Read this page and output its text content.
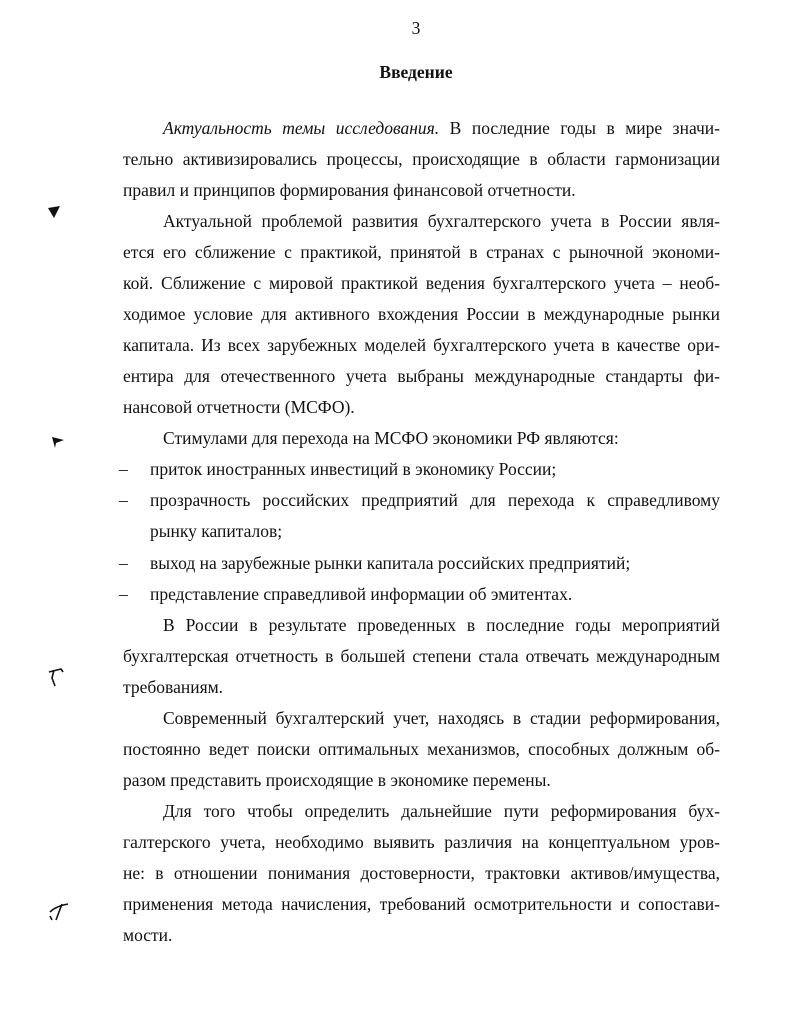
3
Введение
Актуальность темы исследования. В последние годы в мире значи-
тельно активизировались процессы, происходящие в области гармонизации
правил и принципов формирования финансовой отчетности.
Актуальной проблемой развития бухгалтерского учета в России явля-
ется его сближение с практикой, принятой в странах с рыночной экономи-
кой. Сближение с мировой практикой ведения бухгалтерского учета – необ-
ходимое условие для активного вхождения России в международные рынки
капитала. Из всех зарубежных моделей бухгалтерского учета в качестве ори-
ентира для отечественного учета выбраны международные стандарты фи-
нансовой отчетности (МСФО).
Стимулами для перехода на МСФО экономики РФ являются:
– приток иностранных инвестиций в экономику России;
– прозрачность российских предприятий для перехода к справедливому
рынку капиталов;
– выход на зарубежные рынки капитала российских предприятий;
– представление справедливой информации об эмитентах.
В России в результате проведенных в последние годы мероприятий
бухгалтерская отчетность в большей степени стала отвечать международным
требованиям.
Современный бухгалтерский учет, находясь в стадии реформирования,
постоянно ведет поиски оптимальных механизмов, способных должным об-
разом представить происходящие в экономике перемены.
Для того чтобы определить дальнейшие пути реформирования бух-
галтерского учета, необходимо выявить различия на концептуальном уров-
не: в отношении понимания достоверности, трактовки активов/имущества,
применения метода начисления, требований осмотрительности и сопостави-
мости.
